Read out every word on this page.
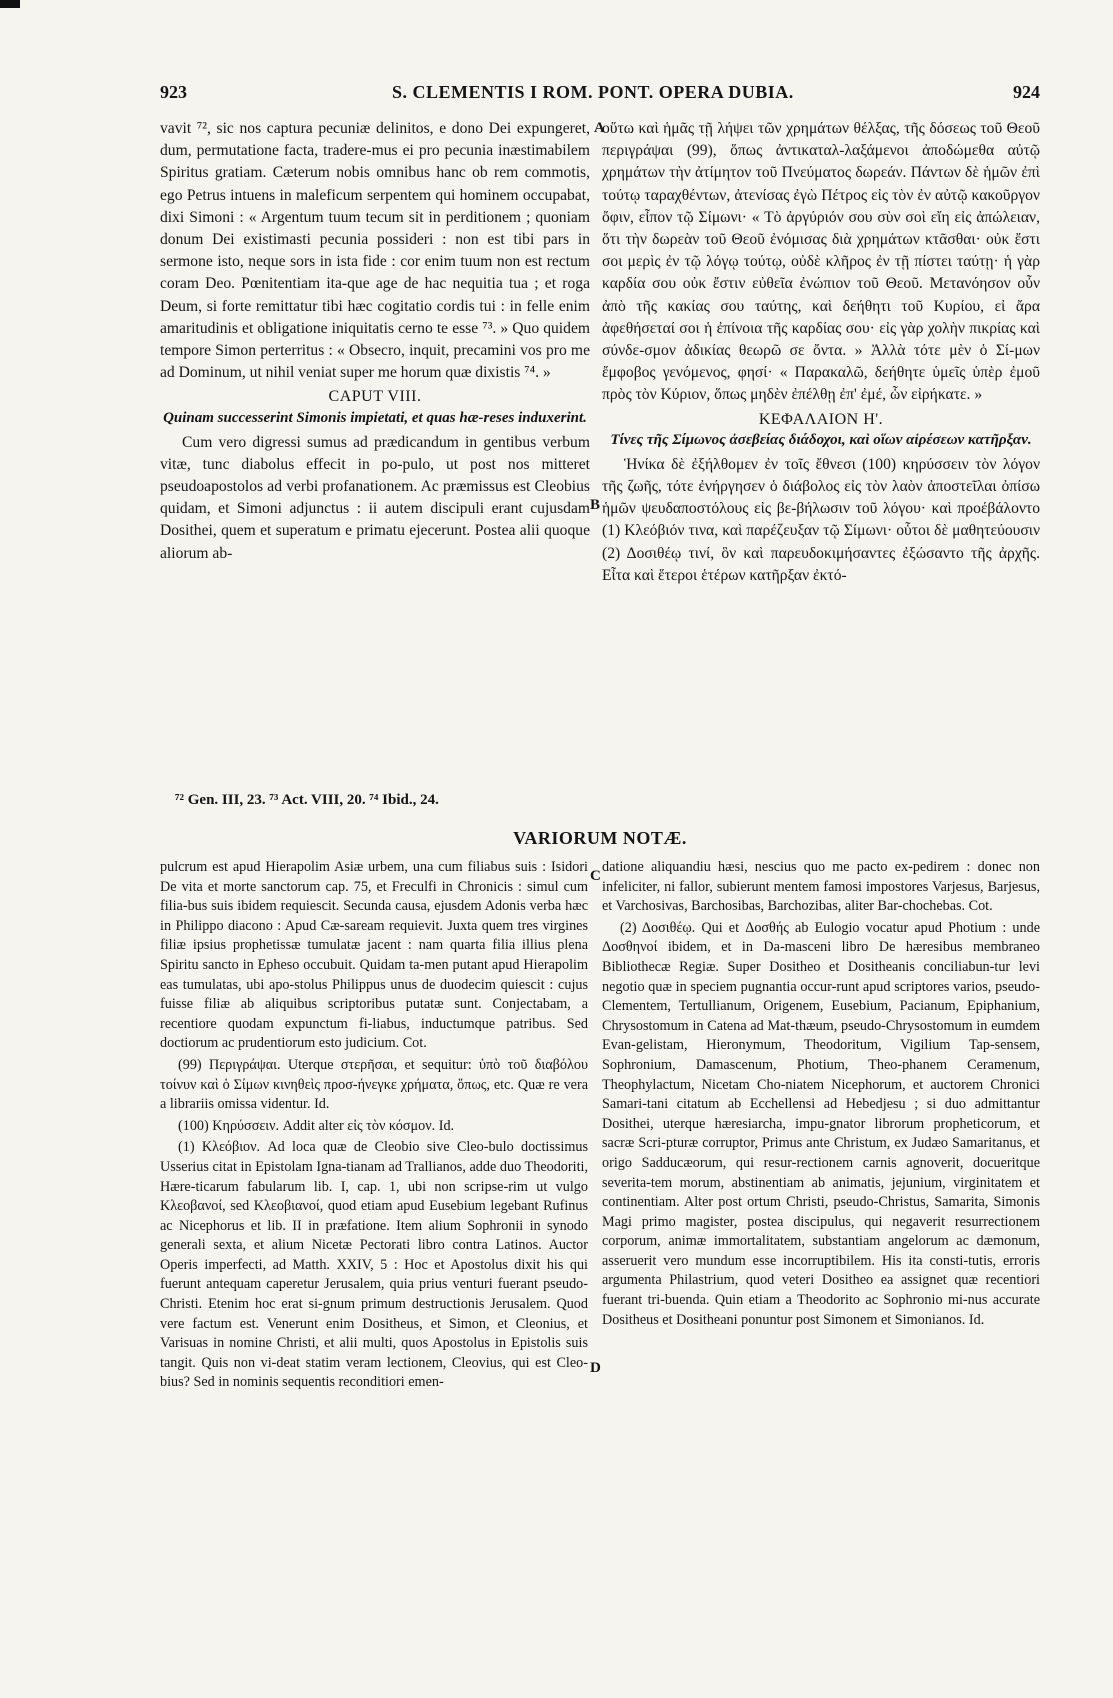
923	S. CLEMENTIS I ROM. PONT. OPERA DUBIA.	924
A
B

vavit ⁷², sic nos captura pecuniæ delinitos, e dono Dei expungeret, dum, permutatione facta, tradere-mus ei pro pecunia inæstimabilem Spiritus gratiam. Cæterum nobis omnibus hanc ob rem commotis, ego Petrus intuens in maleficum serpentem qui hominem occupabat, dixi Simoni : « Argentum tuum tecum sit in perditionem ; quoniam donum Dei existimasti pecunia possideri : non est tibi pars in sermone isto, neque sors in ista fide : cor enim tuum non est rectum coram Deo. Pœnitentiam ita-que age de hac nequitia tua ; et roga Deum, si forte remittatur tibi hæc cogitatio cordis tui : in felle enim amaritudinis et obligatione iniquitatis cerno te esse ⁷³. » Quo quidem tempore Simon perterritus : « Obsecro, inquit, precamini vos pro me ad Dominum, ut nihil veniat super me horum quæ dixistis ⁷⁴. »

CAPUT VIII.
Quinam successerint Simonis impietati, et quas hæ-reses induxerint.

Cum vero digressi sumus ad prædicandum in gentibus verbum vitæ, tunc diabolus effecit in po-pulo, ut post nos mitteret pseudoapostolos ad verbi profanationem. Ac præmissus est Cleobius quidam, et Simoni adjunctus : ii autem discipuli erant cujusdam Dosithei, quem et superatum e primatu ejecerunt. Postea alii quoque aliorum ab-

οὕτω καὶ ἡμᾶς τῇ λήψει τῶν χρημάτων θέλξας, τῆς δόσεως τοῦ Θεοῦ περιγράψαι (99), ὅπως ἀντικαταλ-λαξάμενοι ἀποδώμεθα αὐτῷ χρημάτων τὴν ἀτίμητον τοῦ Πνεύματος δωρεάν. Πάντων δὲ ἡμῶν ἐπὶ τούτῳ ταραχθέντων, ἀτενίσας ἐγὼ Πέτρος εἰς τὸν ἐν αὐτῷ κακοῦργον ὄφιν, εἶπον τῷ Σίμωνι· « Τὸ ἀργύριόν σου σὺν σοὶ εἴη εἰς ἀπώλειαν, ὅτι τὴν δωρεὰν τοῦ Θεοῦ ἐνόμισας διὰ χρημάτων κτᾶσθαι· οὐκ ἔστι σοι μερὶς ἐν τῷ λόγῳ τούτῳ, οὐδὲ κλῆρος ἐν τῇ πίστει ταύτῃ· ἡ γὰρ καρδία σου οὐκ ἔστιν εὐθεῖα ἐνώπιον τοῦ Θεοῦ. Μετανόησον οὖν ἀπὸ τῆς κακίας σου ταύτης, καὶ δεήθητι τοῦ Κυρίου, εἰ ἄρα ἀφεθήσεταί σοι ἡ ἐπίνοια τῆς καρδίας σου· εἰς γὰρ χολὴν πικρίας καὶ σύνδε-σμον ἀδικίας θεωρῶ σε ὄντα. » Ἀλλὰ τότε μὲν ὁ Σί-μων ἔμφοβος γενόμενος, φησί· « Παρακαλῶ, δεήθητε ὑμεῖς ὑπὲρ ἐμοῦ πρὸς τὸν Κύριον, ὅπως μηδὲν ἐπέλθῃ ἐπ' ἐμέ, ὧν εἰρήκατε. »

ΚΕΦΑΛΑΙΟΝ Η'.
Τίνες τῆς Σίμωνος ἀσεβείας διάδοχοι, καὶ οἵων αἱρέσεων κατῆρξαν.

Ἡνίκα δὲ ἐξήλθομεν ἐν τοῖς ἔθνεσι (100) κηρύσσειν τὸν λόγον τῆς ζωῆς, τότε ἐνήργησεν ὁ διάβολος εἰς τὸν λαὸν ἀποστεῖλαι ὀπίσω ἡμῶν ψευδαποστόλους εἰς βε-βήλωσιν τοῦ λόγου· καὶ προέβάλοντο (1) Κλεόβιόν τινα, καὶ παρέζευξαν τῷ Σίμωνι· οὗτοι δὲ μαθητεύουσιν (2) Δοσιθέῳ τινί, ὃν καὶ παρευδοκιμήσαντες ἐξώσαντο τῆς ἀρχῆς. Εἶτα καὶ ἕτεροι ἑτέρων κατῆρξαν ἐκτό-

⁷² Gen. III, 23. ⁷³ Act. VIII, 20. ⁷⁴ Ibid., 24.
VARIORUM NOTÆ.
C
D

pulcrum est apud Hierapolim Asiæ urbem, una cum filiabus suis : Isidori De vita et morte sanctorum cap. 75, et Freculfi in Chronicis : simul cum filia-bus suis ibidem requiescit. Secunda causa, ejusdem Adonis verba hæc in Philippo diacono : Apud Cæ-saream requievit. Juxta quem tres virgines filiæ ipsius prophetissæ tumulatæ jacent : nam quarta filia illius plena Spiritu sancto in Epheso occubuit. Quidam ta-men putant apud Hierapolim eas tumulatas, ubi apo-stolus Philippus unus de duodecim quiescit : cujus fuisse filiæ ab aliquibus scriptoribus putatæ sunt. Conjectabam, a recentiore quodam expunctum fi-liabus, inductumque patribus. Sed doctiorum ac prudentiorum esto judicium. Cot.

(99) Περιγράψαι. Uterque στερῆσαι, et sequitur: ὑπὸ τοῦ διαβόλου τοίνυν καὶ ὁ Σίμων κινηθεὶς προσ-ήνεγκε χρήματα, ὅπως, etc. Quæ re vera a librariis omissa videntur. Id.

(100) Κηρύσσειν. Addit alter εἰς τὸν κόσμον. Id.

(1) Κλεόβιον. Ad loca quæ de Cleobio sive Cleo-bulo doctissimus Usserius citat in Epistolam Igna-tianam ad Trallianos, adde duo Theodoriti, Hære-ticarum fabularum lib. I, cap. 1, ubi non scripse-rim ut vulgo Κλεοβανοί, sed Κλεοβιανοί, quod etiam apud Eusebium legebant Rufinus ac Nicephorus et lib. II in præfatione. Item alium Sophronii in synodo generali sexta, et alium Nicetæ Pectorati libro contra Latinos. Auctor Operis imperfecti, ad Matth. XXIV, 5 : Hoc et Apostolus dixit his qui fuerunt antequam caperetur Jerusalem, quia prius venturi fuerant pseudo-Christi. Etenim hoc erat si-gnum primum destructionis Jerusalem. Quod vere factum est. Venerunt enim Dositheus, et Simon, et Cleonius, et Varisuas in nomine Christi, et alii multi, quos Apostolus in Epistolis suis tangit. Quis non vi-deat statim veram lectionem, Cleovius, qui est Cleo-bius? Sed in nominis sequentis reconditiori emen-

datione aliquandiu hæsi, nescius quo me pacto ex-pedirem : donec non infeliciter, ni fallor, subierunt mentem famosi impostores Varjesus, Barjesus, et Varchosivas, Barchosibas, Barchozibas, aliter Bar-chochebas. Cot.

(2) Δοσιθέῳ. Qui et Δοσθής ab Eulogio vocatur apud Photium : unde Δοσθηνοί ibidem, et in Da-masceni libro De hæresibus membraneo Bibliothecæ Regiæ. Super Dositheo et Dositheanis conciliabun-tur levi negotio quæ in speciem pugnantia occur-runt apud scriptores varios, pseudo-Clementem, Tertullianum, Origenem, Eusebium, Pacianum, Epiphanium, Chrysostomum in Catena ad Mat-thæum, pseudo-Chrysostomum in eumdem Evan-gelistam, Hieronymum, Theodoritum, Vigilium Tap-sensem, Sophronium, Damascenum, Photium, Theo-phanem Ceramenum, Theophylactum, Nicetam Cho-niatem Nicephorum, et auctorem Chronici Samari-tani citatum ab Ecchellensi ad Hebedjesu ; si duo admittantur Dosithei, uterque hæresiarcha, impu-gnator librorum propheticorum, et sacræ Scri-pturæ corruptor, Primus ante Christum, ex Judæo Samaritanus, et origo Sadducæorum, qui resur-rectionem carnis agnoverit, docueritque severita-tem morum, abstinentiam ab animatis, jejunium, virginitatem et continentiam. Alter post ortum Christi, pseudo-Christus, Samarita, Simonis Magi primo magister, postea discipulus, qui negaverit resurrectionem corporum, animæ immortalitatem, substantiam angelorum ac dæmonum, asseruerit vero mundum esse incorruptibilem. His ita consti-tutis, erroris argumenta Philastrium, quod veteri Dositheo ea assignet quæ recentiori fuerant tri-buenda. Quin etiam a Theodorito ac Sophronio mi-nus accurate Dositheus et Dositheani ponuntur post Simonem et Simonianos. Id.
